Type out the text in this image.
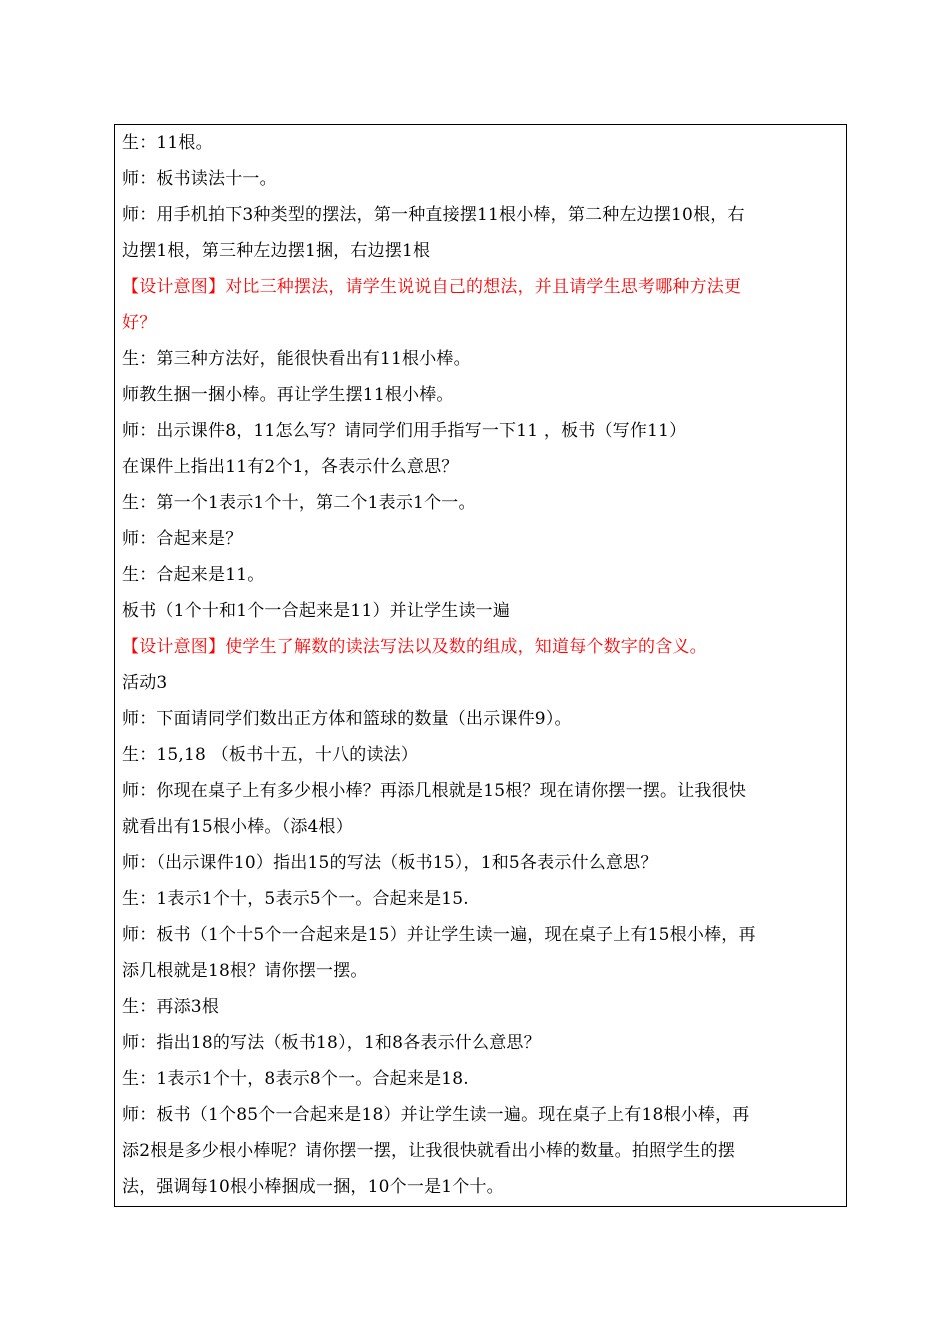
生：11根。
师：板书读法十一。
师：用手机拍下3种类型的摆法，第一种直接摆11根小棒，第二种左边摆10根，右
边摆1根，第三种左边摆1捆，右边摆1根
【设计意图】对比三种摆法，请学生说说自己的想法，并且请学生思考哪种方法更
好？
生：第三种方法好，能很快看出有11根小棒。
师教生捆一捆小棒。再让学生摆11根小棒。
师：出示课件8，11怎么写？请同学们用手指写一下11 ，板书（写作11）
在课件上指出11有2个1，各表示什么意思？
生：第一个1表示1个十，第二个1表示1个一。
师：合起来是？
生：合起来是11。
板书（1个十和1个一合起来是11）并让学生读一遍
【设计意图】使学生了解数的读法写法以及数的组成，知道每个数字的含义。
活动3
师：下面请同学们数出正方体和篮球的数量（出示课件9）。
生：15,18 （板书十五，十八的读法）
师：你现在桌子上有多少根小棒？再添几根就是15根？现在请你摆一摆。让我很快
就看出有15根小棒。（添4根）
师：（出示课件10）指出15的写法（板书15），1和5各表示什么意思？
生：1表示1个十，5表示5个一。合起来是15.
师：板书（1个十5个一合起来是15）并让学生读一遍，现在桌子上有15根小棒，再
添几根就是18根？请你摆一摆。
生：再添3根
师：指出18的写法（板书18），1和8各表示什么意思？
生：1表示1个十，8表示8个一。合起来是18.
师：板书（1个85个一合起来是18）并让学生读一遍。现在桌子上有18根小棒，再
添2根是多少根小棒呢？请你摆一摆，让我很快就看出小棒的数量。拍照学生的摆
法，强调每10根小棒捆成一捆，10个一是1个十。
